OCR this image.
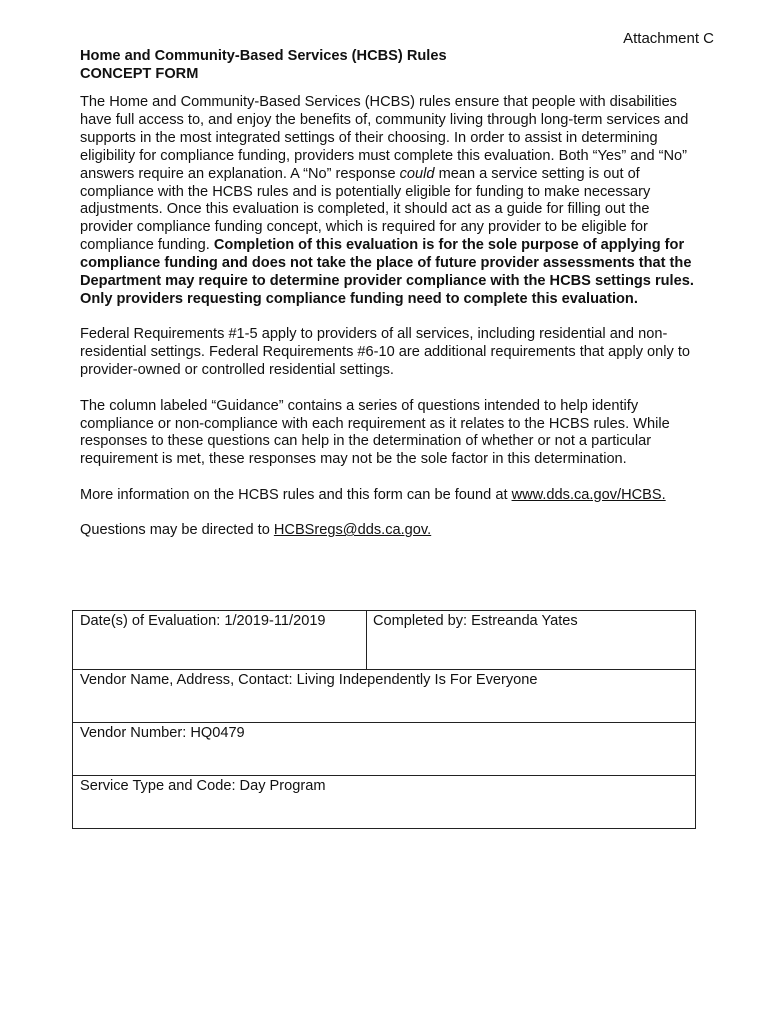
Attachment C
Home and Community-Based Services (HCBS) Rules
CONCEPT FORM

The Home and Community-Based Services (HCBS) rules ensure that people with disabilities have full access to, and enjoy the benefits of, community living through long-term services and supports in the most integrated settings of their choosing. In order to assist in determining eligibility for compliance funding, providers must complete this evaluation. Both “Yes” and “No” answers require an explanation. A “No” response could mean a service setting is out of compliance with the HCBS rules and is potentially eligible for funding to make necessary adjustments. Once this evaluation is completed, it should act as a guide for filling out the provider compliance funding concept, which is required for any provider to be eligible for compliance funding. Completion of this evaluation is for the sole purpose of applying for compliance funding and does not take the place of future provider assessments that the Department may require to determine provider compliance with the HCBS settings rules. Only providers requesting compliance funding need to complete this evaluation.

Federal Requirements #1-5 apply to providers of all services, including residential and non-residential settings. Federal Requirements #6-10 are additional requirements that apply only to provider-owned or controlled residential settings.

The column labeled “Guidance” contains a series of questions intended to help identify compliance or non-compliance with each requirement as it relates to the HCBS rules. While responses to these questions can help in the determination of whether or not a particular requirement is met, these responses may not be the sole factor in this determination.

More information on the HCBS rules and this form can be found at www.dds.ca.gov/HCBS.

Questions may be directed to HCBSregs@dds.ca.gov.

Date(s) of Evaluation: 1/2019-11/2019	Completed by: Estreanda Yates
Vendor Name, Address, Contact: Living Independently Is For Everyone
Vendor Number: HQ0479
Service Type and Code: Day Program
